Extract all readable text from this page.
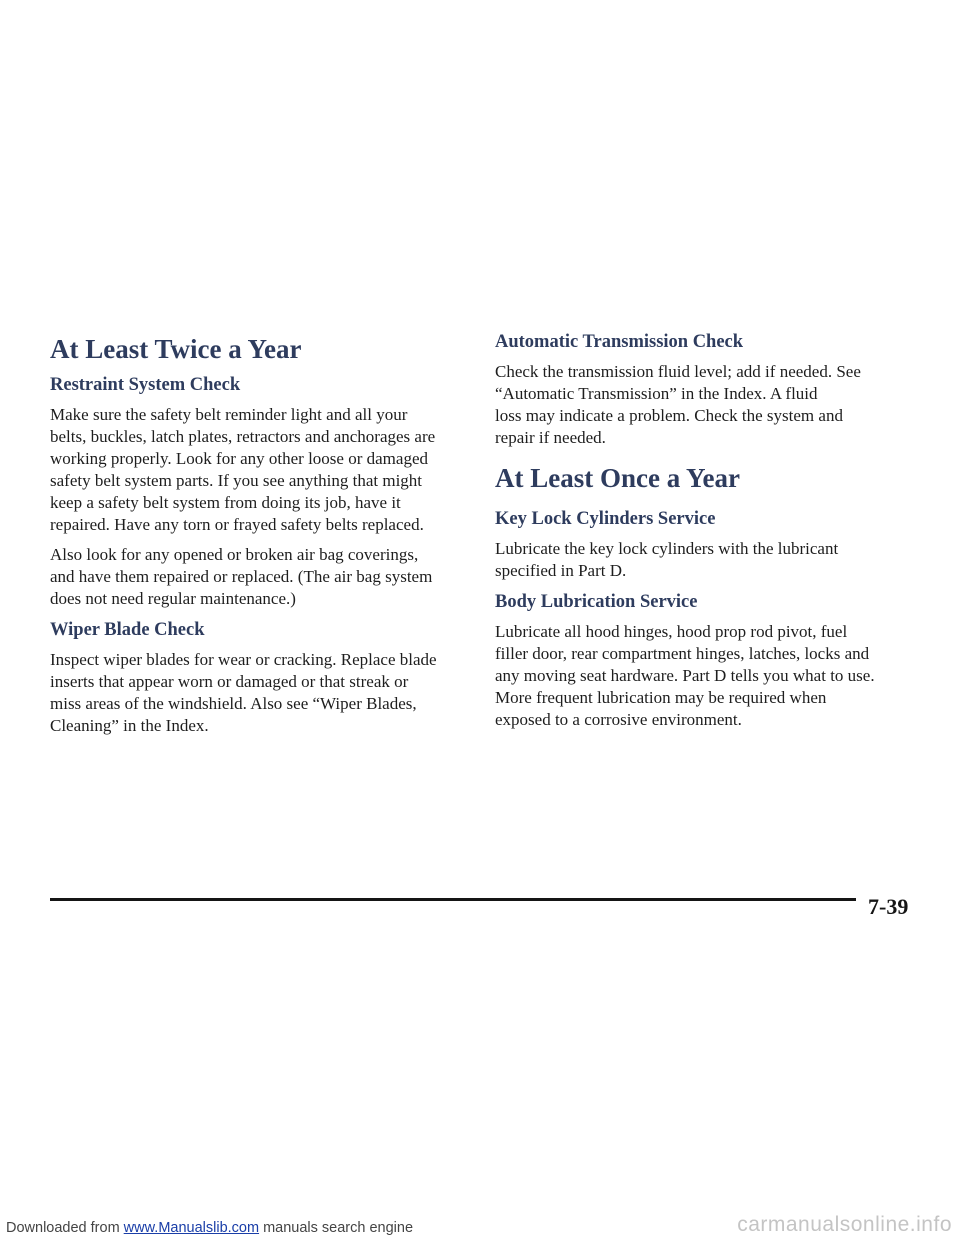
At Least Twice a Year
Restraint System Check
Make sure the safety belt reminder light and all your
belts, buckles, latch plates, retractors and anchorages are
working properly. Look for any other loose or damaged
safety belt system parts. If you see anything that might
keep a safety belt system from doing its job, have it
repaired. Have any torn or frayed safety belts replaced.
Also look for any opened or broken air bag coverings,
and have them repaired or replaced. (The air bag system
does not need regular maintenance.)
Wiper Blade Check
Inspect wiper blades for wear or cracking. Replace blade
inserts that appear worn or damaged or that streak or
miss areas of the windshield. Also see “Wiper Blades,
Cleaning” in the Index.
Automatic Transmission Check
Check the transmission fluid level; add if needed. See
“Automatic Transmission” in the Index. A fluid
loss may indicate a problem. Check the system and
repair if needed.
At Least Once a Year
Key Lock Cylinders Service
Lubricate the key lock cylinders with the lubricant
specified in Part D.
Body Lubrication Service
Lubricate all hood hinges, hood prop rod pivot, fuel
filler door, rear compartment hinges, latches, locks and
any moving seat hardware. Part D tells you what to use.
More frequent lubrication may be required when
exposed to a corrosive environment.
7-39
Downloaded from www.Manualslib.com manuals search engine	carmanualsonline.info
